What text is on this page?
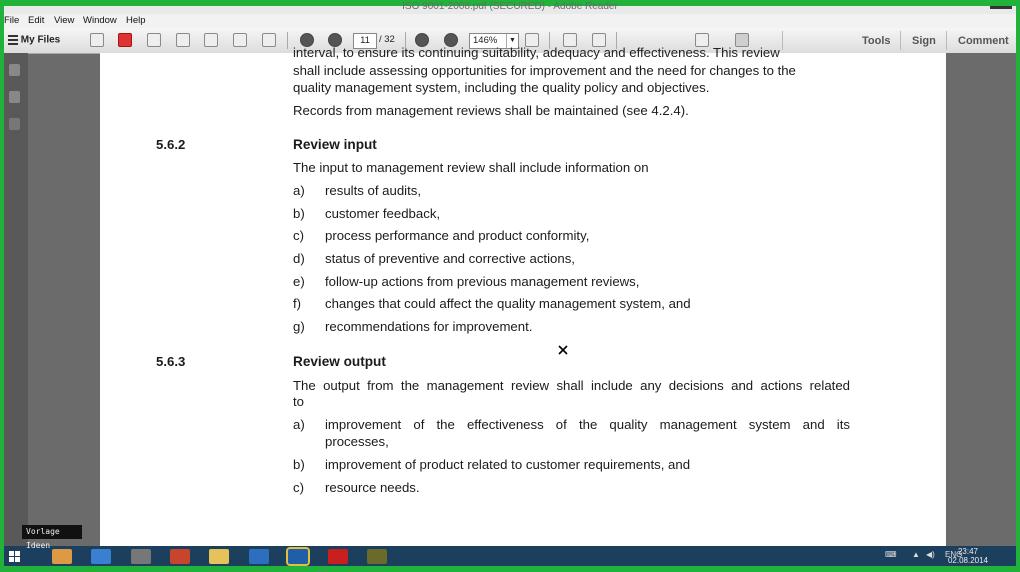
ISO 9001-2008.pdf (SECURED) - Adobe Reader
File Edit View Window Help
My Files	11 / 32	146%	▼	Tools Sign Comment
interval, to ensure its continuing suitability, adequacy and effectiveness. This review
shall include assessing opportunities for improvement and the need for changes to the
quality management system, including the quality policy and objectives.
Records from management reviews shall be maintained (see 4.2.4).
5.6.2	Review input
The input to management review shall include information on
a) results of audits,
b) customer feedback,
c) process performance and product conformity,
d) status of preventive and corrective actions,
e) follow-up actions from previous management reviews,
f) changes that could affect the quality management system, and
g) recommendations for improvement.
5.6.3	Review output
The output from the management review shall include any decisions and actions related
to
a) improvement of the effectiveness of the quality management system and its
processes,
b) improvement of product related to customer requirements, and
c) resource needs.
⌨ ▲ ◀) ENG
23:47
02.08.2014
Vorlage Ideen
